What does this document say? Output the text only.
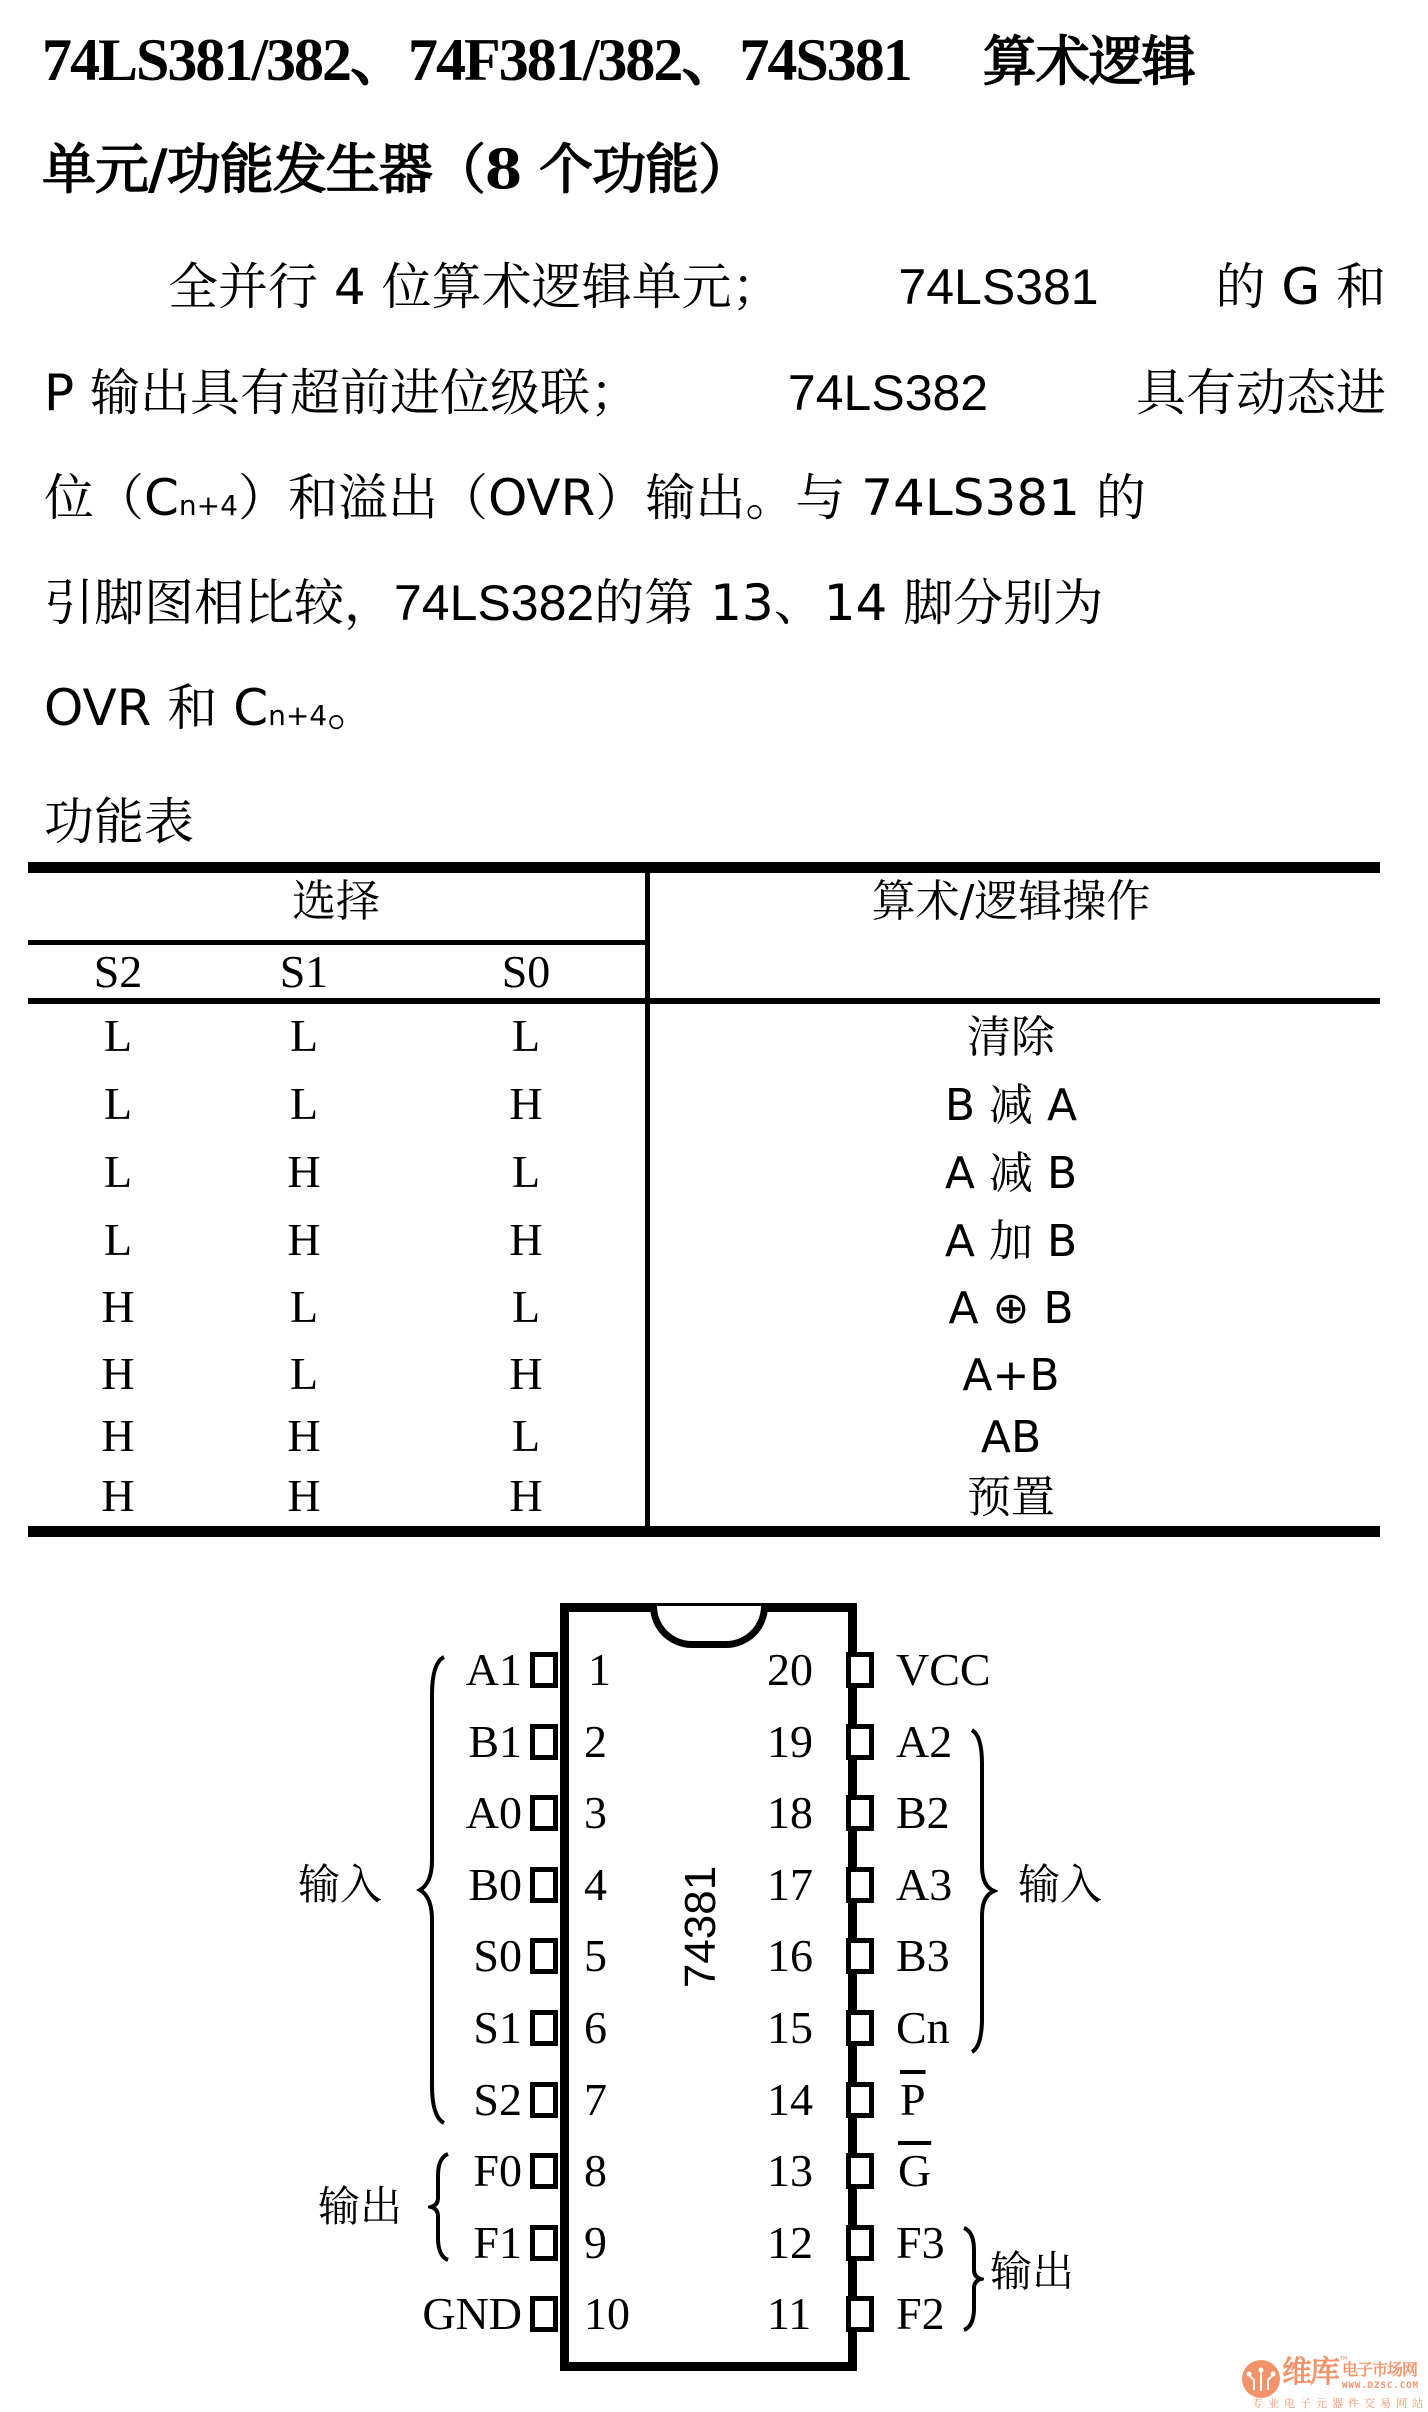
74LS381/382、74F381/382、74S381 算术逻辑
单元/功能发生器（8 个功能）
全并行 4 位算术逻辑单元； 74LS381 的 G 和
P 输出具有超前进位级联；	74LS382	具有动态进
位（C n+4 ）和溢出（OVR）输出。与 74LS381 的
引脚图相比较， 74LS382 的第 13、14 脚分别为
OVR 和 C n+4 。
功能表
选择	算术/逻辑操作
S2	S1	S0
L	L	L	清除
L	L	H	B 减 A
L	H	L	A 减 B
L	H	H	A 加 B
H	L	L	A ⊕ B
H	L	H	A+B
H	H	L	AB
H	H	H	预置
74381
1
2
3
4
5
6
7
8
9
10
A1
B1
A0
B0
S0
S1
S2
F0
F1
GND
20
19
18
17
16
15
14
13
12
11
VCC
A2
B2
A3
B3
Cn
$\overline{P}$
$\overline{G}$
F3
F2
输入	输入
输出
输出
维库 TM
电子市场网
WWW.DZSC.COM
专业电子元器件交易网站
